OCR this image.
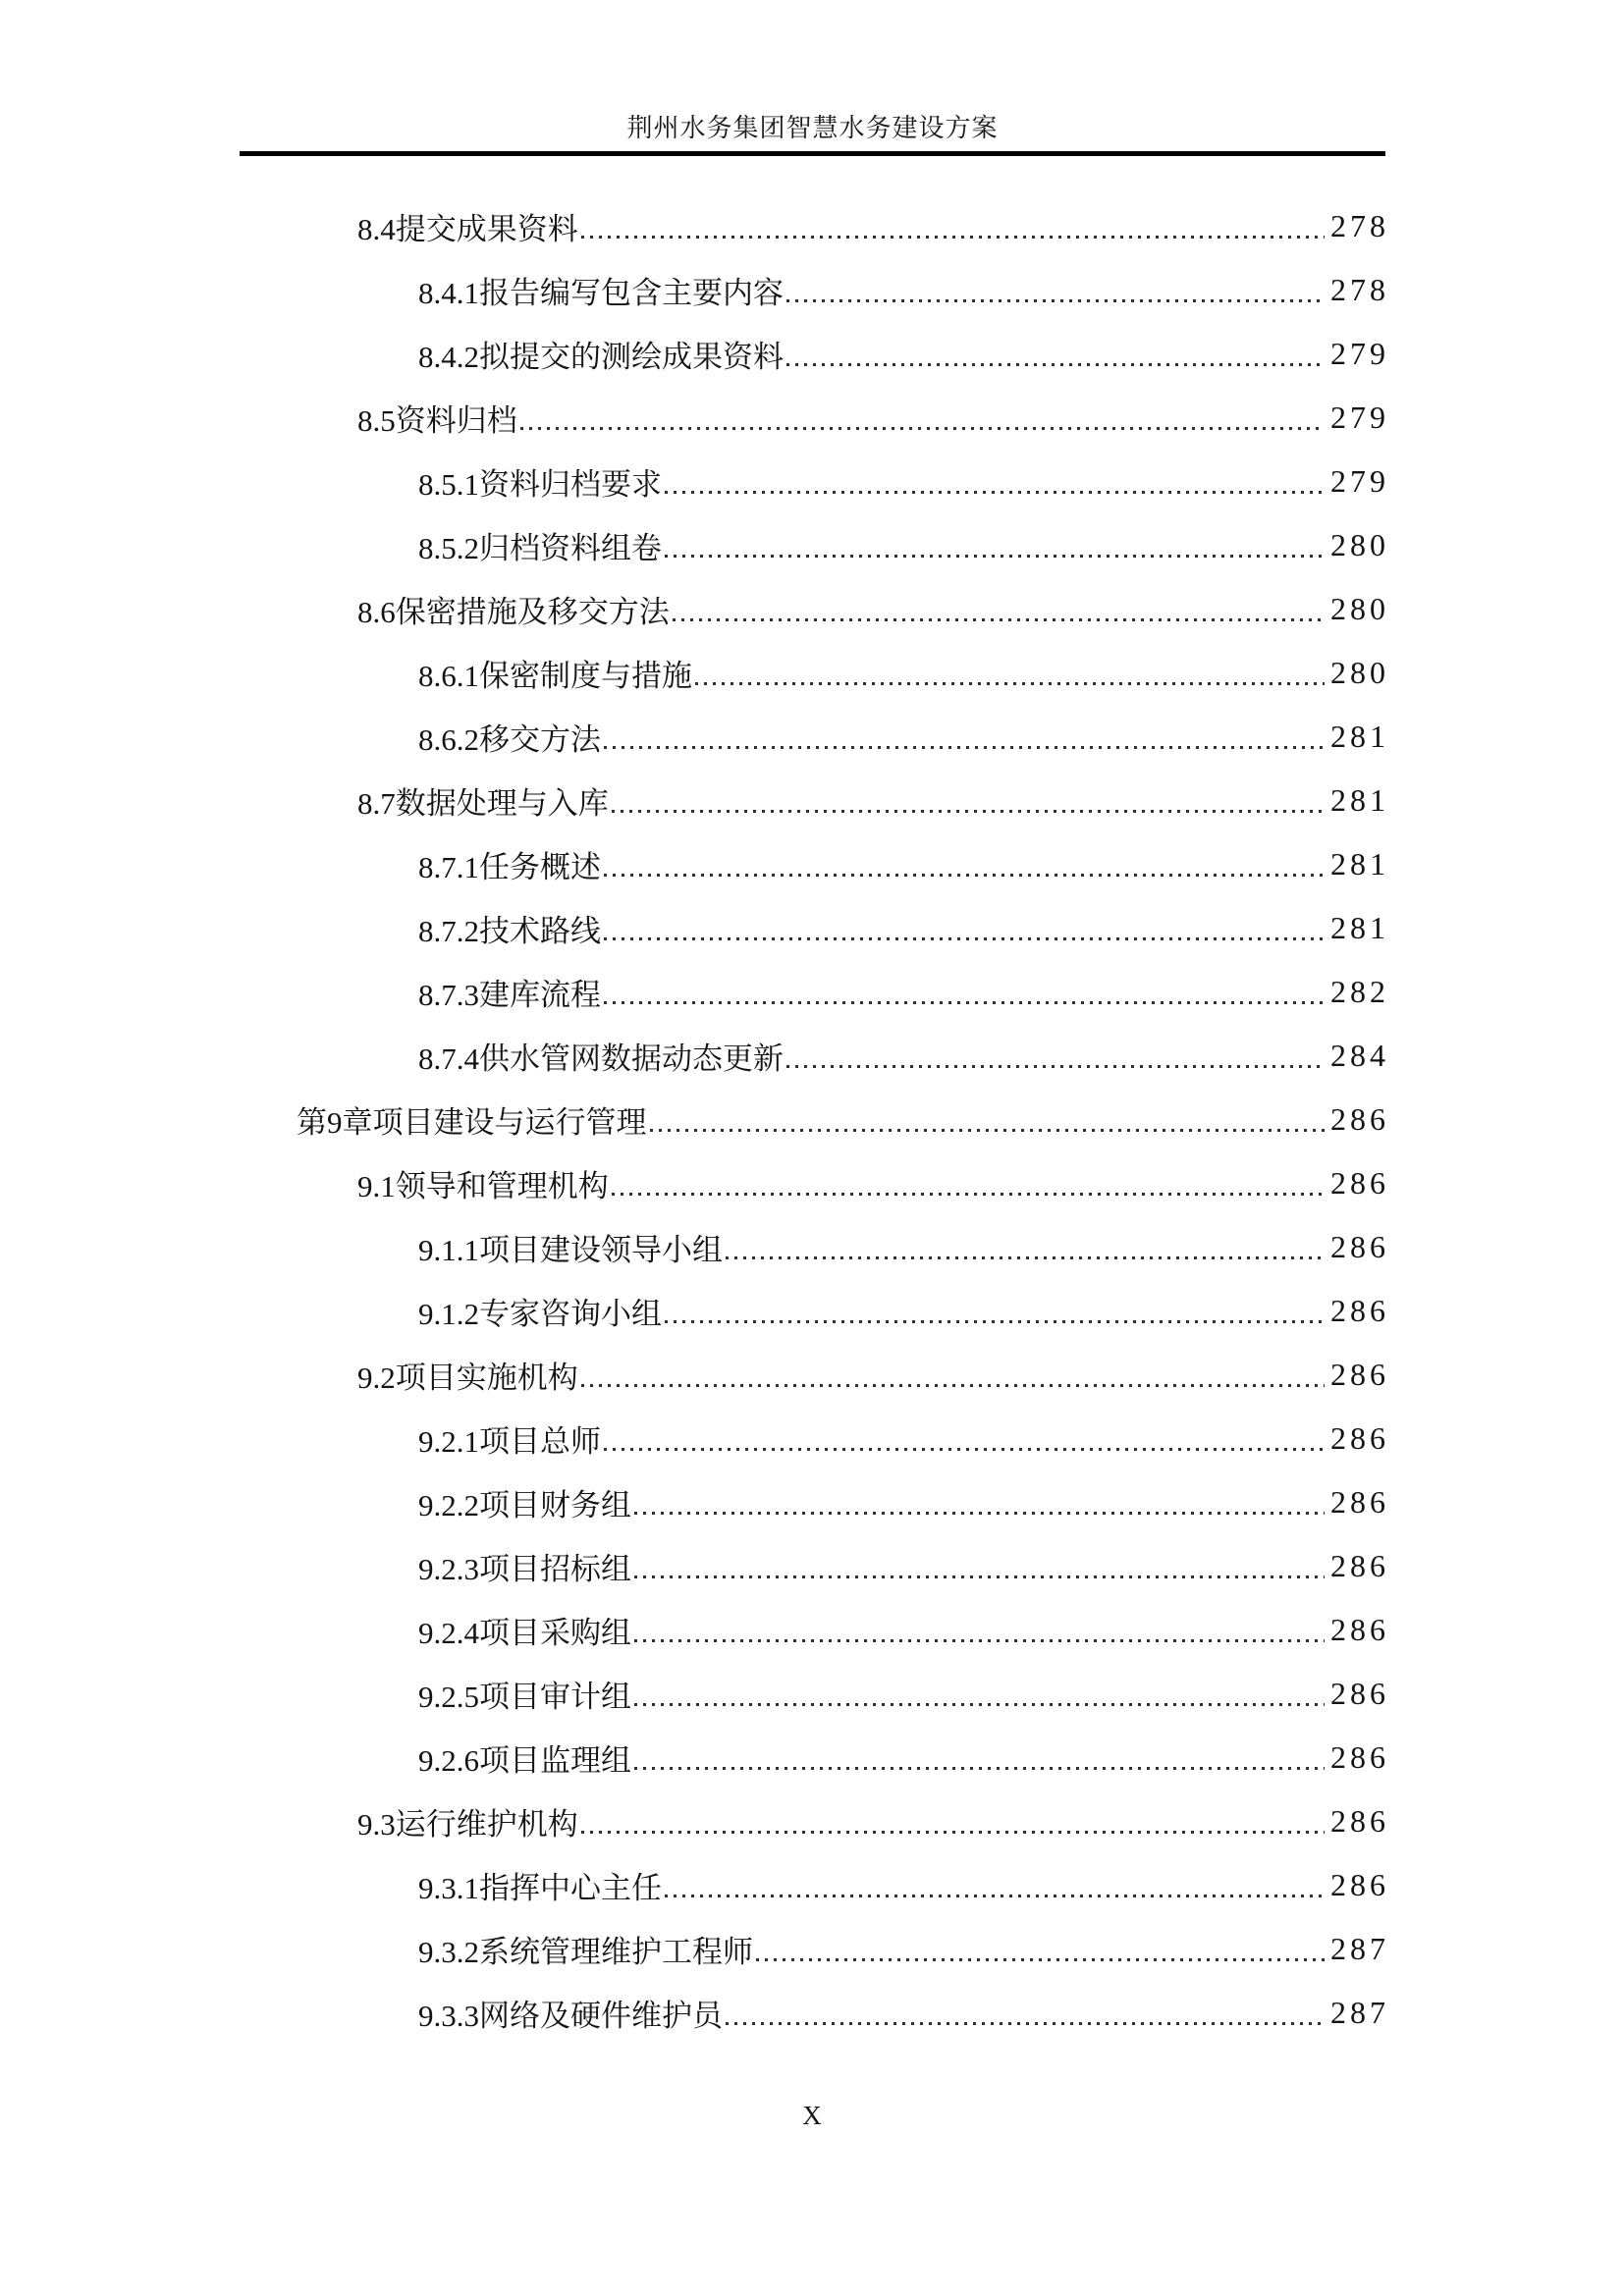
荆州水务集团智慧水务建设方案
8.4提交成果资料	278
8.4.1报告编写包含主要内容	278
8.4.2拟提交的测绘成果资料	279
8.5资料归档	279
8.5.1资料归档要求	279
8.5.2归档资料组卷	280
8.6保密措施及移交方法	280
8.6.1保密制度与措施	280
8.6.2移交方法	281
8.7数据处理与入库	281
8.7.1任务概述	281
8.7.2技术路线	281
8.7.3建库流程	282
8.7.4供水管网数据动态更新	284
第9章项目建设与运行管理	286
9.1领导和管理机构	286
9.1.1项目建设领导小组	286
9.1.2专家咨询小组	286
9.2项目实施机构	286
9.2.1项目总师	286
9.2.2项目财务组	286
9.2.3项目招标组	286
9.2.4项目采购组	286
9.2.5项目审计组	286
9.2.6项目监理组	286
9.3运行维护机构	286
9.3.1指挥中心主任	286
9.3.2系统管理维护工程师	287
9.3.3网络及硬件维护员	287
X
